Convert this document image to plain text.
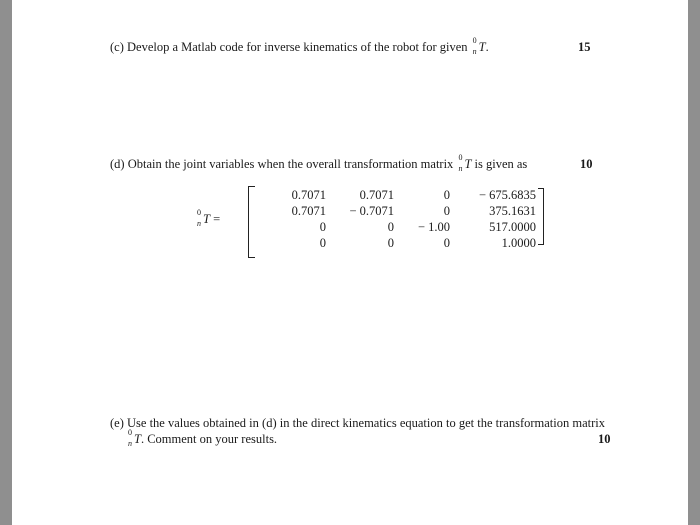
(c) Develop a Matlab code for inverse kinematics of the robot for given 0
n T.	15
(d) Obtain the joint variables when the overall transformation matrix 0
n T is given as	10
0
n T =
0.7071	0.7071	0	− 675.6835
0.7071	− 0.7071	0	375.1631
0	0	− 1.00	517.0000
0	0	0	1.0000
(e) Use the values obtained in (d) in the direct kinematics equation to get the transformation matrix
0
n T. Comment on your results.	10
